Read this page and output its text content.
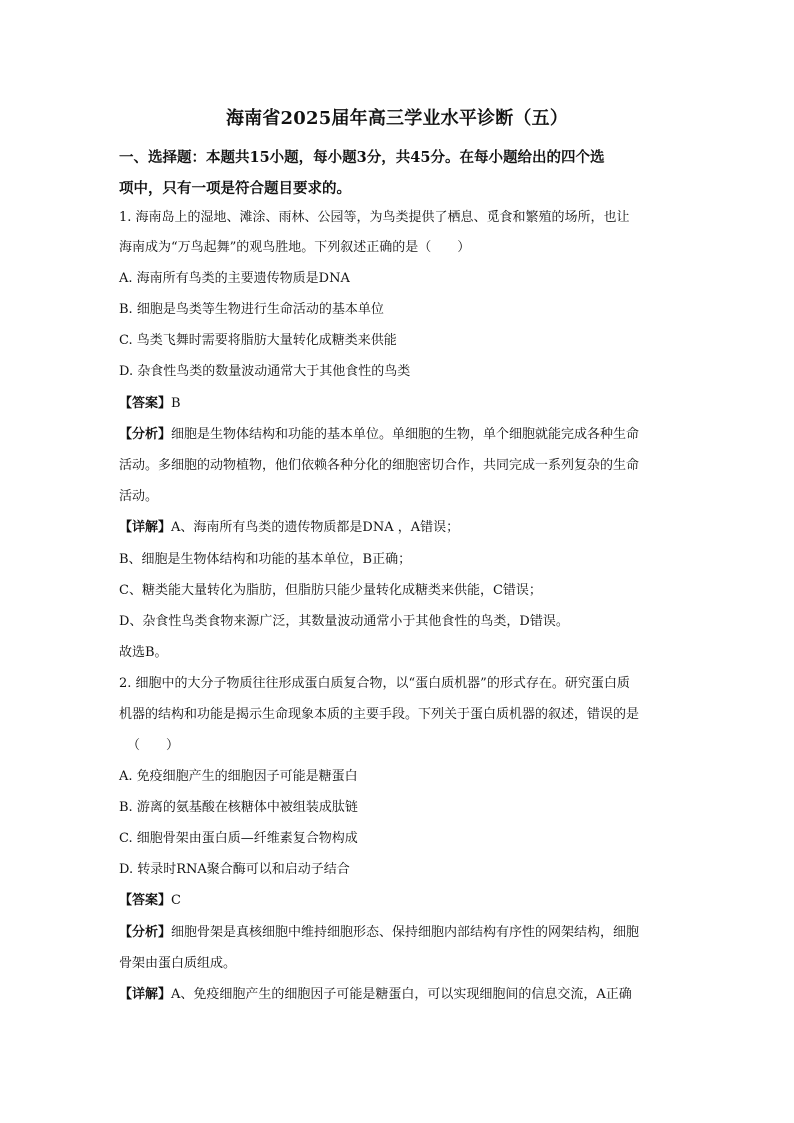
海南省2025届年高三学业水平诊断（五）
一、选择题：本题共15小题，每小题3分，共45分。在每小题给出的四个选
项中，只有一项是符合题目要求的。
1. 海南岛上的湿地、滩涂、雨林、公园等，为鸟类提供了栖息、觅食和繁殖的场所，也让
海南成为“万鸟起舞”的观鸟胜地。下列叙述正确的是（　　）
A. 海南所有鸟类的主要遗传物质是DNA
B. 细胞是鸟类等生物进行生命活动的基本单位
C. 鸟类飞舞时需要将脂肪大量转化成糖类来供能
D. 杂食性鸟类的数量波动通常大于其他食性的鸟类
【答案】B
【分析】细胞是生物体结构和功能的基本单位。单细胞的生物，单个细胞就能完成各种生命
活动。多细胞的动物植物，他们依赖各种分化的细胞密切合作，共同完成一系列复杂的生命
活动。
【详解】A、海南所有鸟类的遗传物质都是DNA ，A错误；
B、细胞是生物体结构和功能的基本单位，B正确；
C、糖类能大量转化为脂肪，但脂肪只能少量转化成糖类来供能，C错误；
D、杂食性鸟类食物来源广泛，其数量波动通常小于其他食性的鸟类，D错误。
故选B。
2. 细胞中的大分子物质往往形成蛋白质复合物，以“蛋白质机器”的形式存在。研究蛋白质
机器的结构和功能是揭示生命现象本质的主要手段。下列关于蛋白质机器的叙述，错误的是
（　　）
A. 免疫细胞产生的细胞因子可能是糖蛋白
B. 游离的氨基酸在核糖体中被组装成肽链
C. 细胞骨架由蛋白质—纤维素复合物构成
D. 转录时RNA聚合酶可以和启动子结合
【答案】C
【分析】细胞骨架是真核细胞中维持细胞形态、保持细胞内部结构有序性的网架结构，细胞
骨架由蛋白质组成。
【详解】A、免疫细胞产生的细胞因子可能是糖蛋白，可以实现细胞间的信息交流，A正确
